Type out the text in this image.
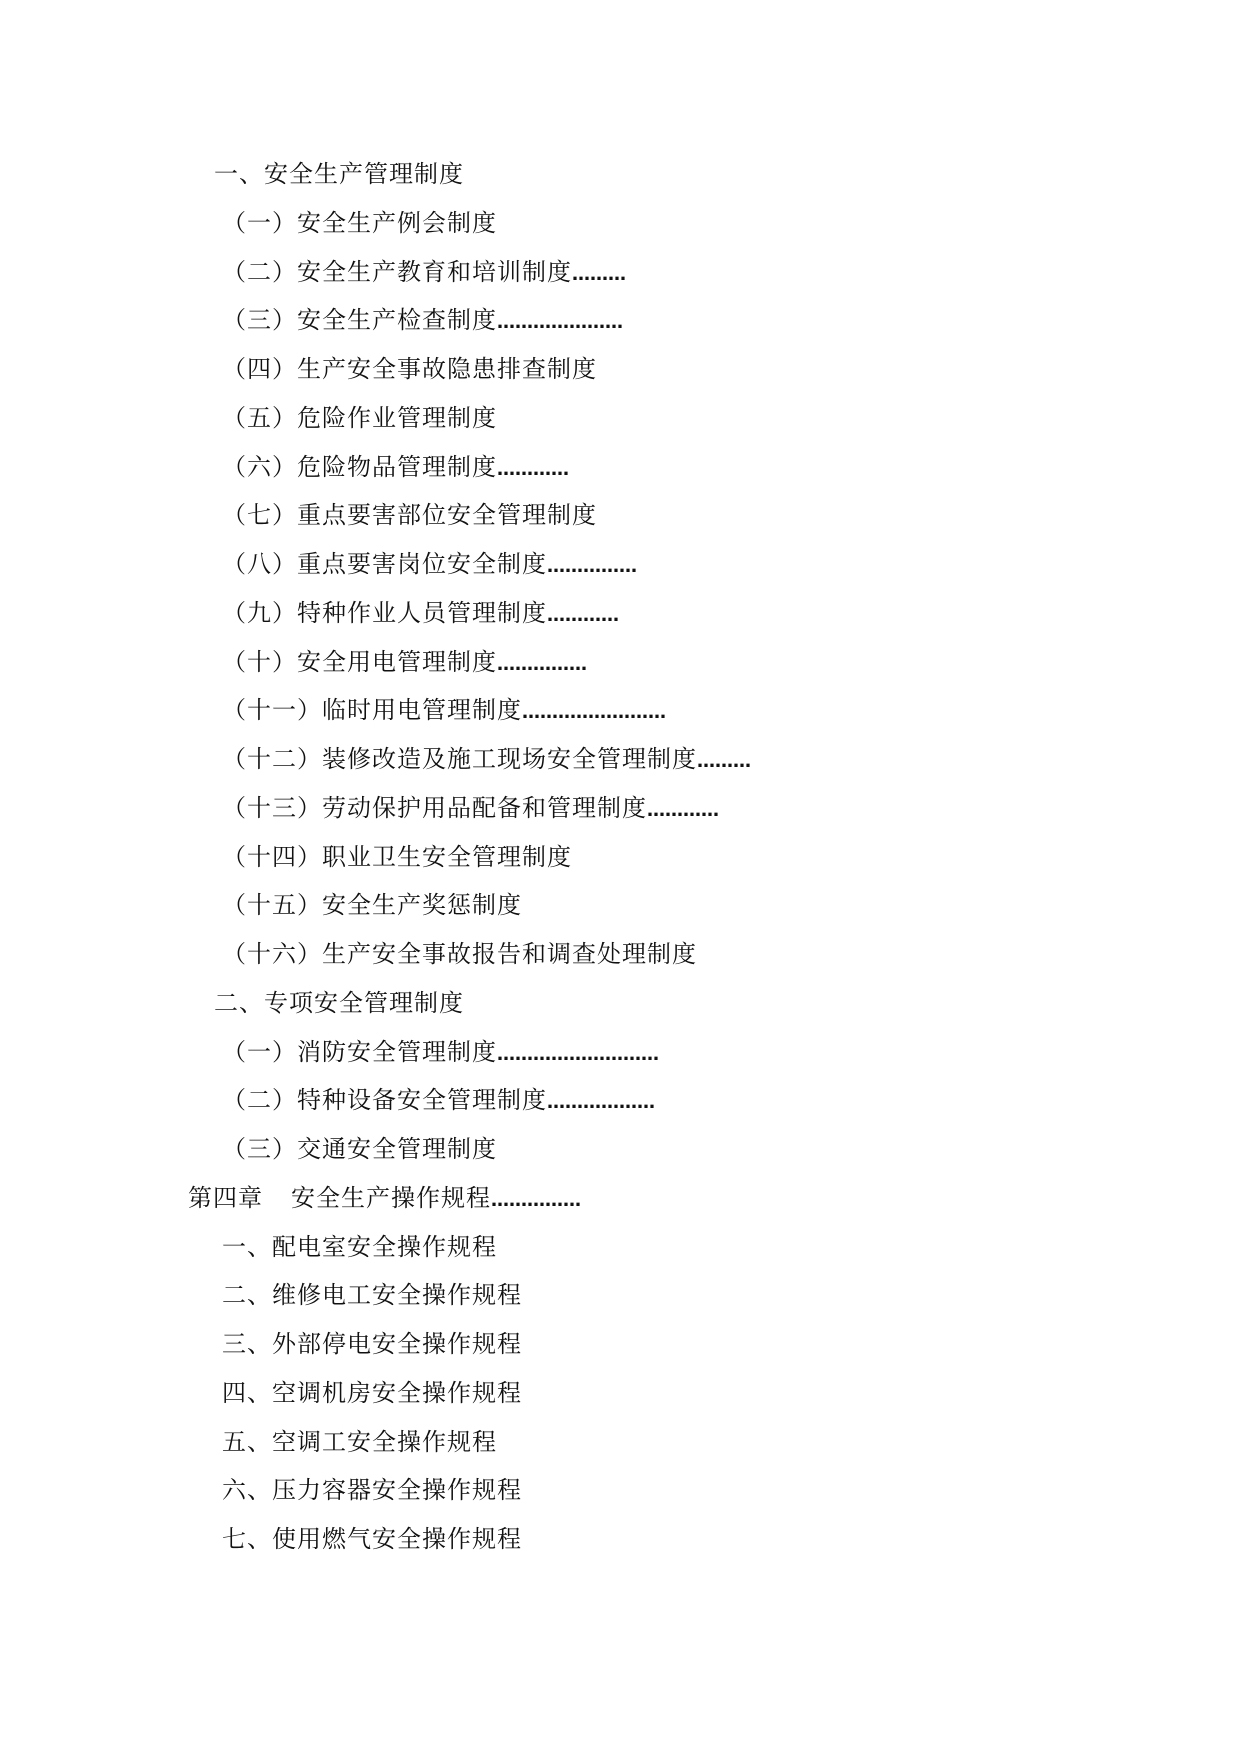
一、安全生产管理制度
（一）安全生产例会制度
（二）安全生产教育和培训制度………
（三）安全生产检查制度…………………
（四）生产安全事故隐患排查制度
（五）危险作业管理制度
（六）危险物品管理制度…………
（七）重点要害部位安全管理制度
（八）重点要害岗位安全制度……………
（九）特种作业人员管理制度…………
（十）安全用电管理制度……………
（十一）临时用电管理制度……………………
（十二）装修改造及施工现场安全管理制度………
（十三）劳动保护用品配备和管理制度…………
（十四）职业卫生安全管理制度
（十五）安全生产奖惩制度
（十六）生产安全事故报告和调查处理制度
二、专项安全管理制度
（一）消防安全管理制度………………………
（二）特种设备安全管理制度………………
（三）交通安全管理制度
第四章 安全生产操作规程……………
一、配电室安全操作规程
二、维修电工安全操作规程
三、外部停电安全操作规程
四、空调机房安全操作规程
五、空调工安全操作规程
六、压力容器安全操作规程
七、使用燃气安全操作规程
